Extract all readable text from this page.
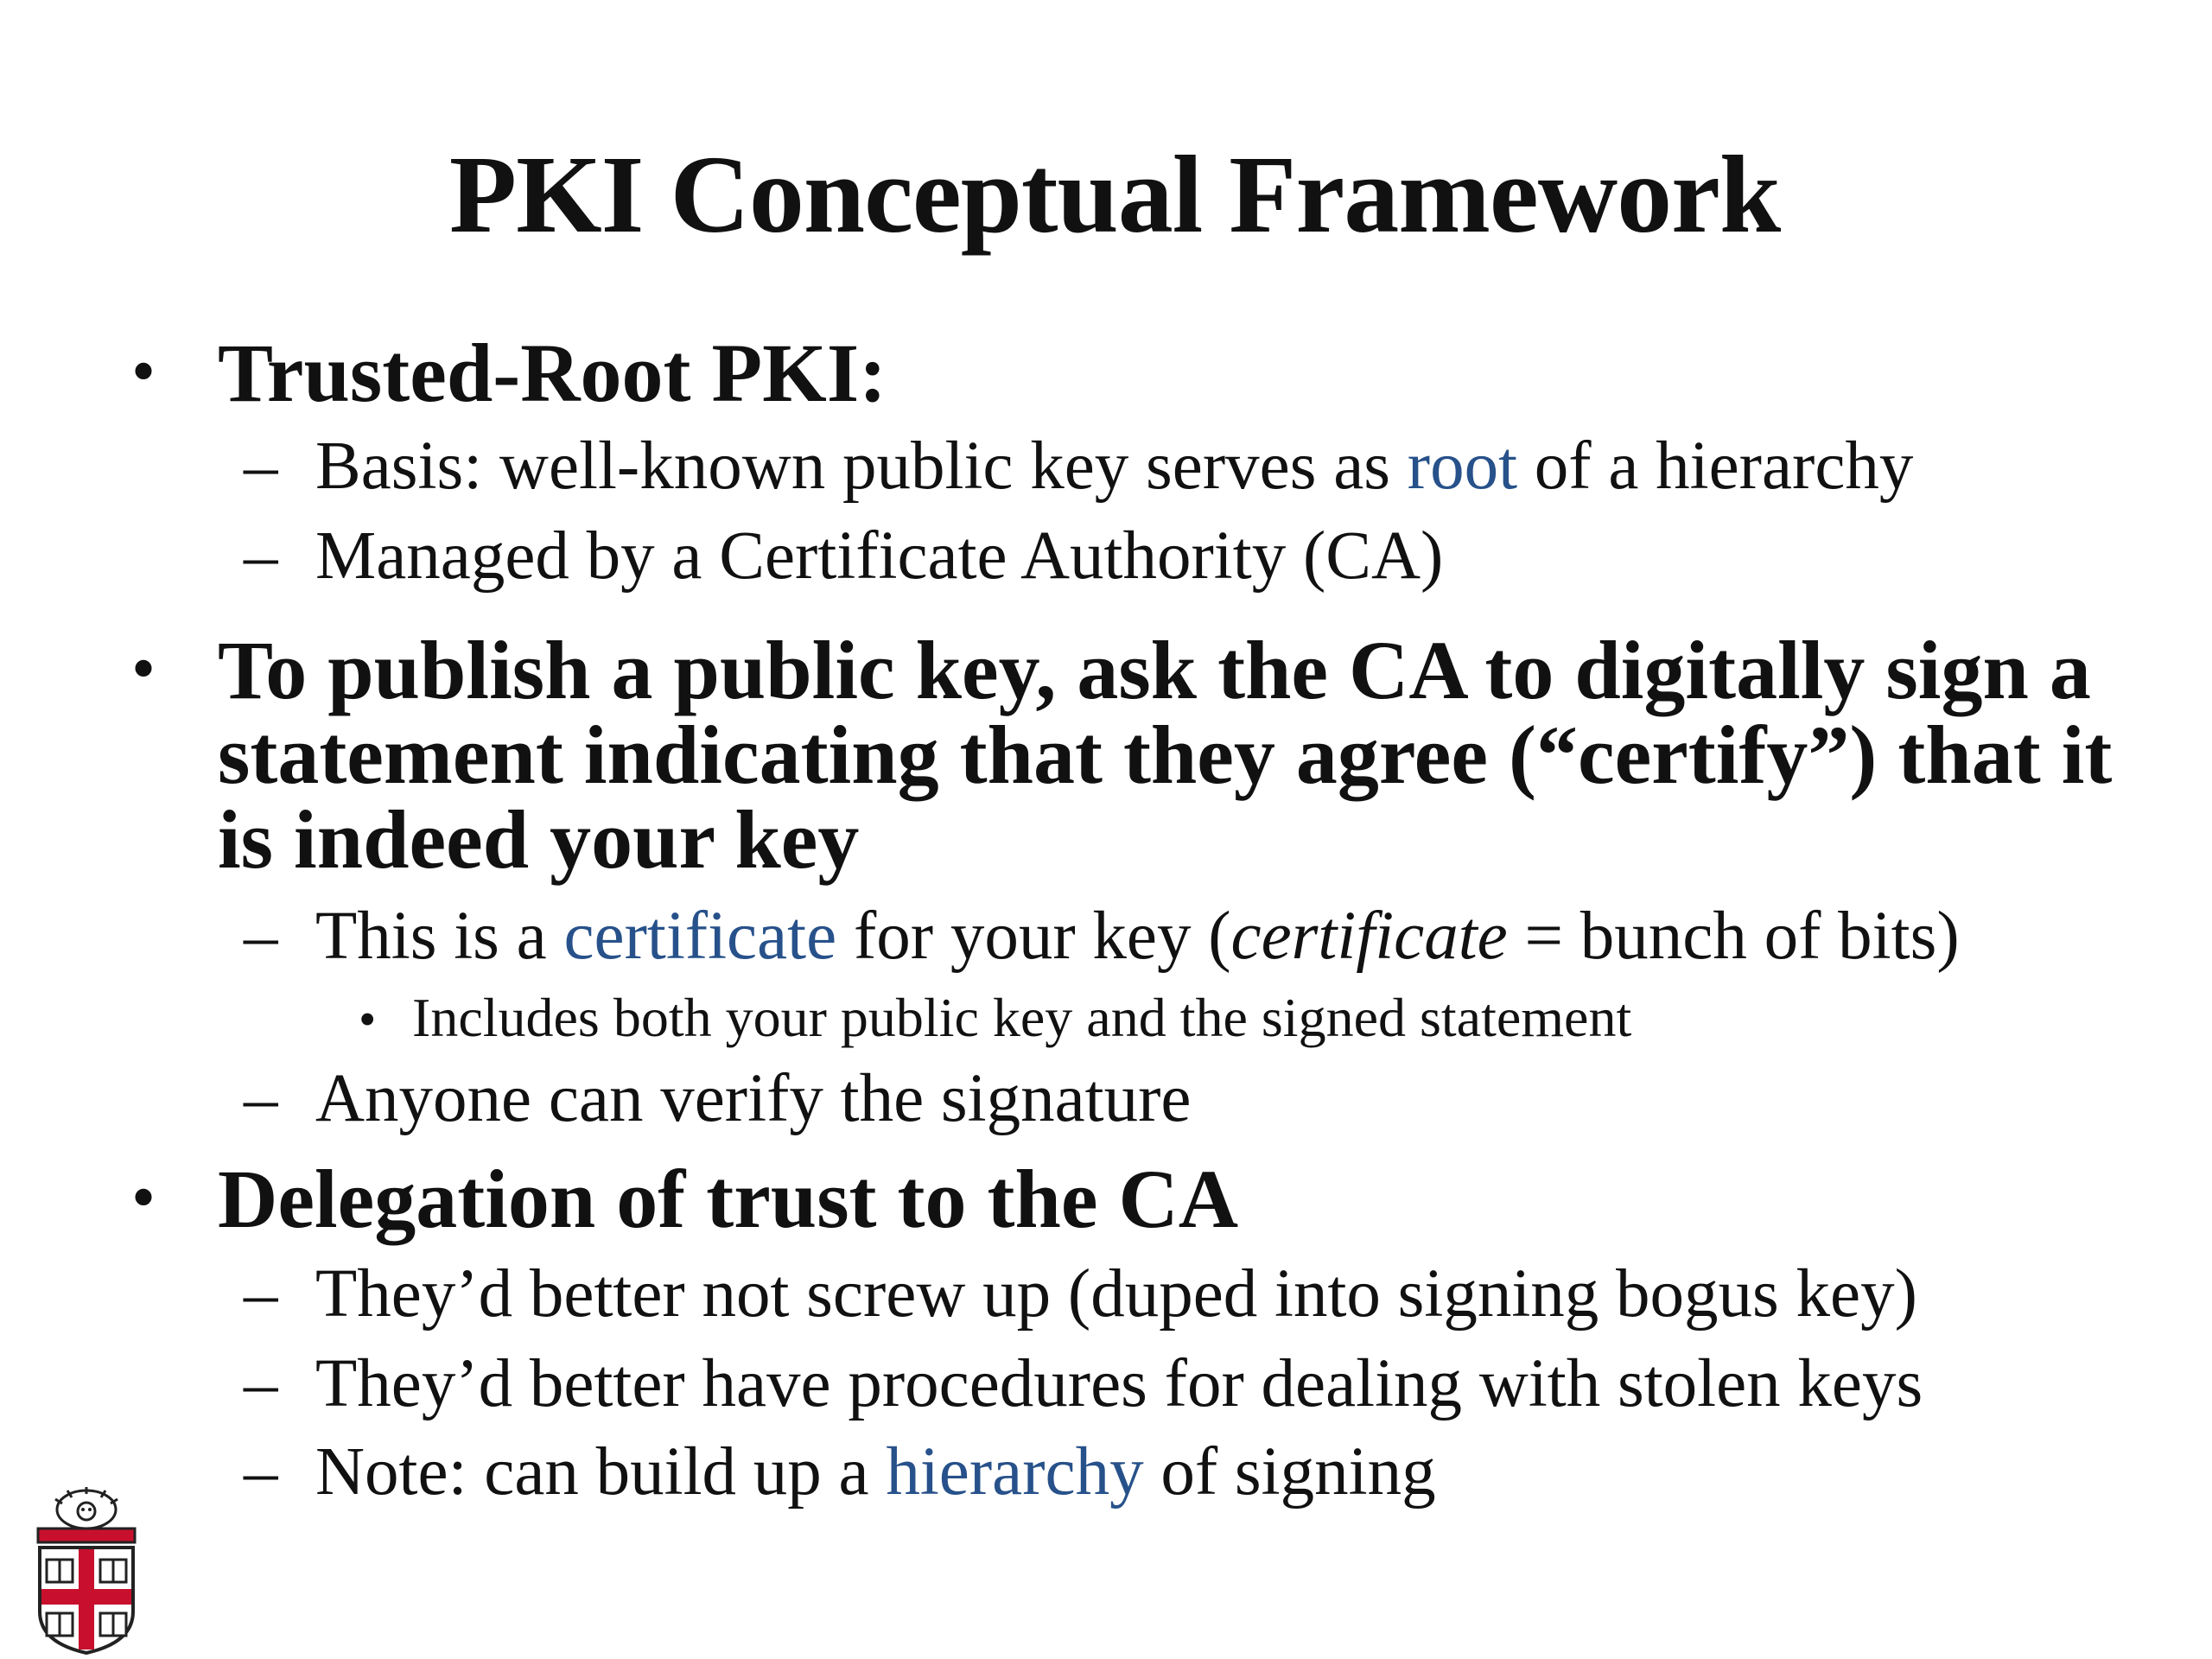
PKI Conceptual Framework
• Trusted-Root PKI:
– Basis: well-known public key serves as root of a hierarchy
– Managed by a Certificate Authority (CA)
• To publish a public key, ask the CA to digitally sign a
statement indicating that they agree (“certify”) that it
is indeed your key
– This is a certificate for your key (certificate = bunch of bits)
• Includes both your public key and the signed statement
– Anyone can verify the signature
• Delegation of trust to the CA
– They’d better not screw up (duped into signing bogus key)
– They’d better have procedures for dealing with stolen keys
– Note: can build up a hierarchy of signing
